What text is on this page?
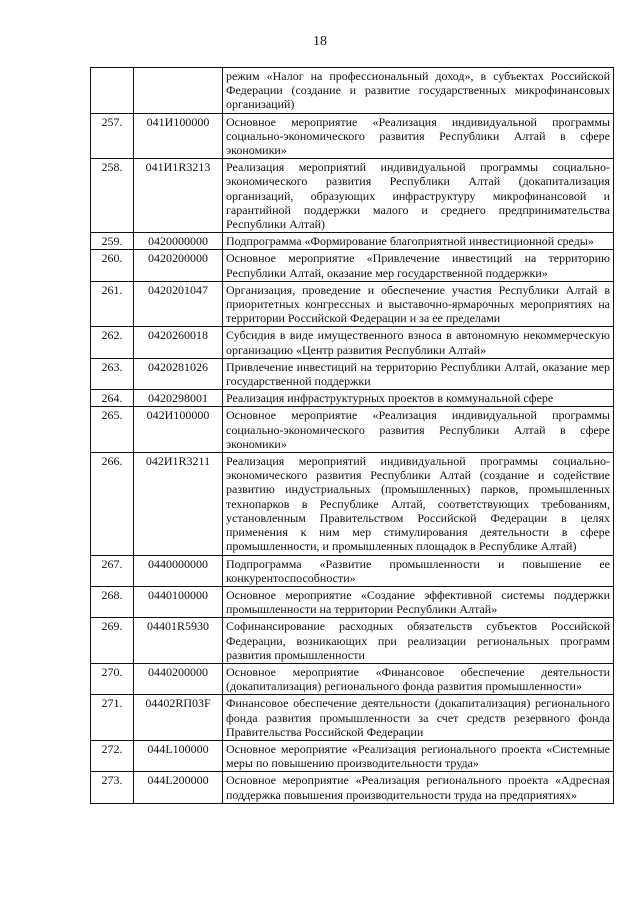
18
		режим «Налог на профессиональный доход», в субъектах Российской Федерации (создание и развитие государственных микрофинансовых организаций)
257.	041И100000	Основное мероприятие «Реализация индивидуальной программы социально-экономического развития Республики Алтай в сфере экономики»
258.	041И1R3213	Реализация мероприятий индивидуальной программы социально-экономического развития Республики Алтай (докапитализация организаций, образующих инфраструктуру микрофинансовой и гарантийной поддержки малого и среднего предпринимательства Республики Алтай)
259.	0420000000	Подпрограмма «Формирование благоприятной инвестиционной среды»
260.	0420200000	Основное мероприятие «Привлечение инвестиций на территорию Республики Алтай, оказание мер государственной поддержки»
261.	0420201047	Организация, проведение и обеспечение участия Республики Алтай в приоритетных конгрессных и выставочно-ярмарочных мероприятиях на территории Российской Федерации и за ее пределами
262.	0420260018	Субсидия в виде имущественного взноса в автономную некоммерческую организацию «Центр развития Республики Алтай»
263.	0420281026	Привлечение инвестиций на территорию Республики Алтай, оказание мер государственной поддержки
264.	0420298001	Реализация инфраструктурных проектов в коммунальной сфере
265.	042И100000	Основное мероприятие «Реализация индивидуальной программы социально-экономического развития Республики Алтай в сфере экономики»
266.	042И1R3211	Реализация мероприятий индивидуальной программы социально-экономического развития Республики Алтай (создание и содействие развитию индустриальных (промышленных) парков, промышленных технопарков в Республике Алтай, соответствующих требованиям, установленным Правительством Российской Федерации в целях применения к ним мер стимулирования деятельности в сфере промышленности, и промышленных площадок в Республике Алтай)
267.	0440000000	Подпрограмма «Развитие промышленности и повышение ее конкурентоспособности»
268.	0440100000	Основное мероприятие «Создание эффективной системы поддержки промышленности на территории Республики Алтай»
269.	04401R5930	Софинансирование расходных обязательств субъектов Российской Федерации, возникающих при реализации региональных программ развития промышленности
270.	0440200000	Основное мероприятие «Финансовое обеспечение деятельности (докапитализация) регионального фонда развития промышленности»
271.	04402RП03F	Финансовое обеспечение деятельности (докапитализация) регионального фонда развития промышленности за счет средств резервного фонда Правительства Российской Федерации
272.	044L100000	Основное мероприятие «Реализация регионального проекта «Системные меры по повышению производительности труда»
273.	044L200000	Основное мероприятие «Реализация регионального проекта «Адресная поддержка повышения производительности труда на предприятиях»
